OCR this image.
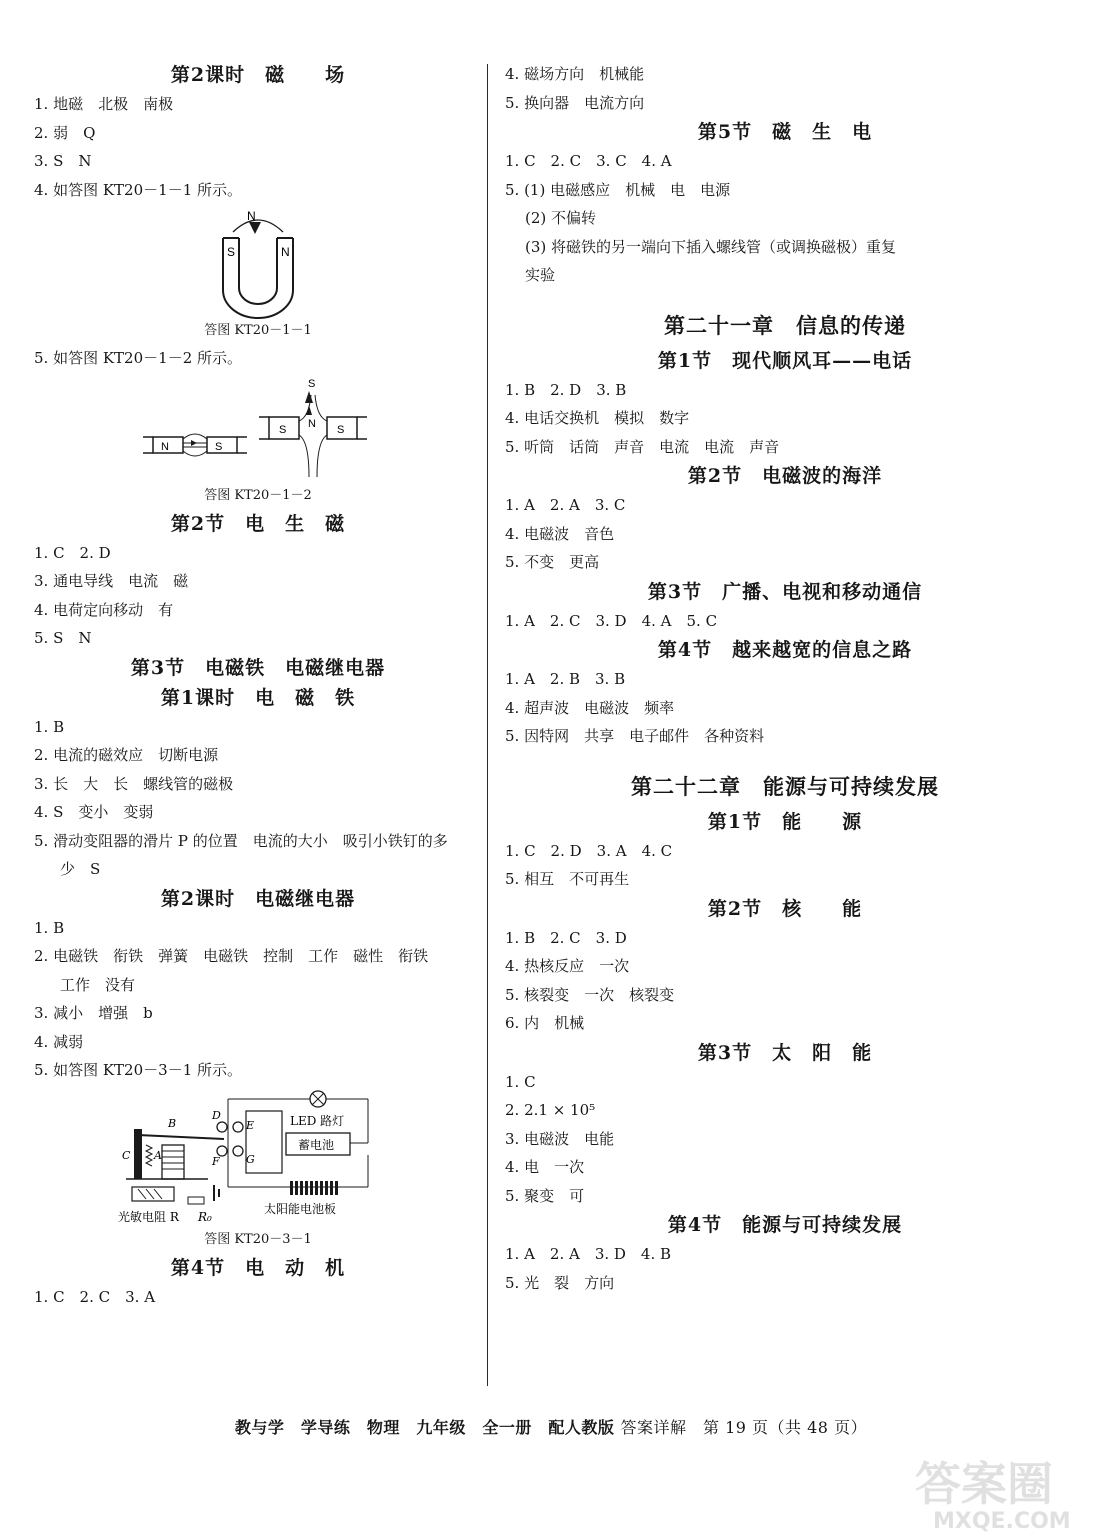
第2课时　磁　　场
1. 地磁　北极　南极
2. 弱　Q
3. S　N
4. 如答图 KT20－1－1 所示。
N
S	N
答图 KT20－1－1
5. 如答图 KT20－1－2 所示。
N	S
S
N
S	S
答图 KT20－1－2
第2节　电　生　磁
1. C　2. D
3. 通电导线　电流　磁
4. 电荷定向移动　有
5. S　N
第3节　电磁铁　电磁继电器
第1课时　电　磁　铁
1. B
2. 电流的磁效应　切断电源
3. 长　大　长　螺线管的磁极
4. S　变小　变弱
5. 滑动变阻器的滑片 P 的位置　电流的大小　吸引小铁钉的多
少　S
第2课时　电磁继电器
1. B
2. 电磁铁　衔铁　弹簧　电磁铁　控制　工作　磁性　衔铁
工作　没有
3. 减小　增强　b
4. 减弱
5. 如答图 KT20－3－1 所示。
LED 路灯
蓄电池
太阳能电池板
D
E
F G
B
C A
光敏电阻 R R₀
答图 KT20－3－1
第4节　电　动　机
1. C　2. C　3. A
4. 磁场方向　机械能
5. 换向器　电流方向
第5节　磁　生　电
1. C　2. C　3. C　4. A
5. (1) 电磁感应　机械　电　电源
(2) 不偏转
(3) 将磁铁的另一端向下插入螺线管（或调换磁极）重复
实验
第二十一章　信息的传递
第1节　现代顺风耳——电话
1. B　2. D　3. B
4. 电话交换机　模拟　数字
5. 听筒　话筒　声音　电流　电流　声音
第2节　电磁波的海洋
1. A　2. A　3. C
4. 电磁波　音色
5. 不变　更高
第3节　广播、电视和移动通信
1. A　2. C　3. D　4. A　5. C
第4节　越来越宽的信息之路
1. A　2. B　3. B
4. 超声波　电磁波　频率
5. 因特网　共享　电子邮件　各种资料
第二十二章　能源与可持续发展
第1节　能　　源
1. C　2. D　3. A　4. C
5. 相互　不可再生
第2节　核　　能
1. B　2. C　3. D
4. 热核反应　一次
5. 核裂变　一次　核裂变
6. 内　机械
第3节　太　阳　能
1. C
2. 2.1 × 10⁵
3. 电磁波　电能
4. 电　一次
5. 聚变　可
第4节　能源与可持续发展
1. A　2. A　3. D　4. B
5. 光　裂　方向
教与学　学导练　物理　九年级　全一册　配人教版 答案详解　第 19 页（共 48 页）
答案圈
MXQE.COM
